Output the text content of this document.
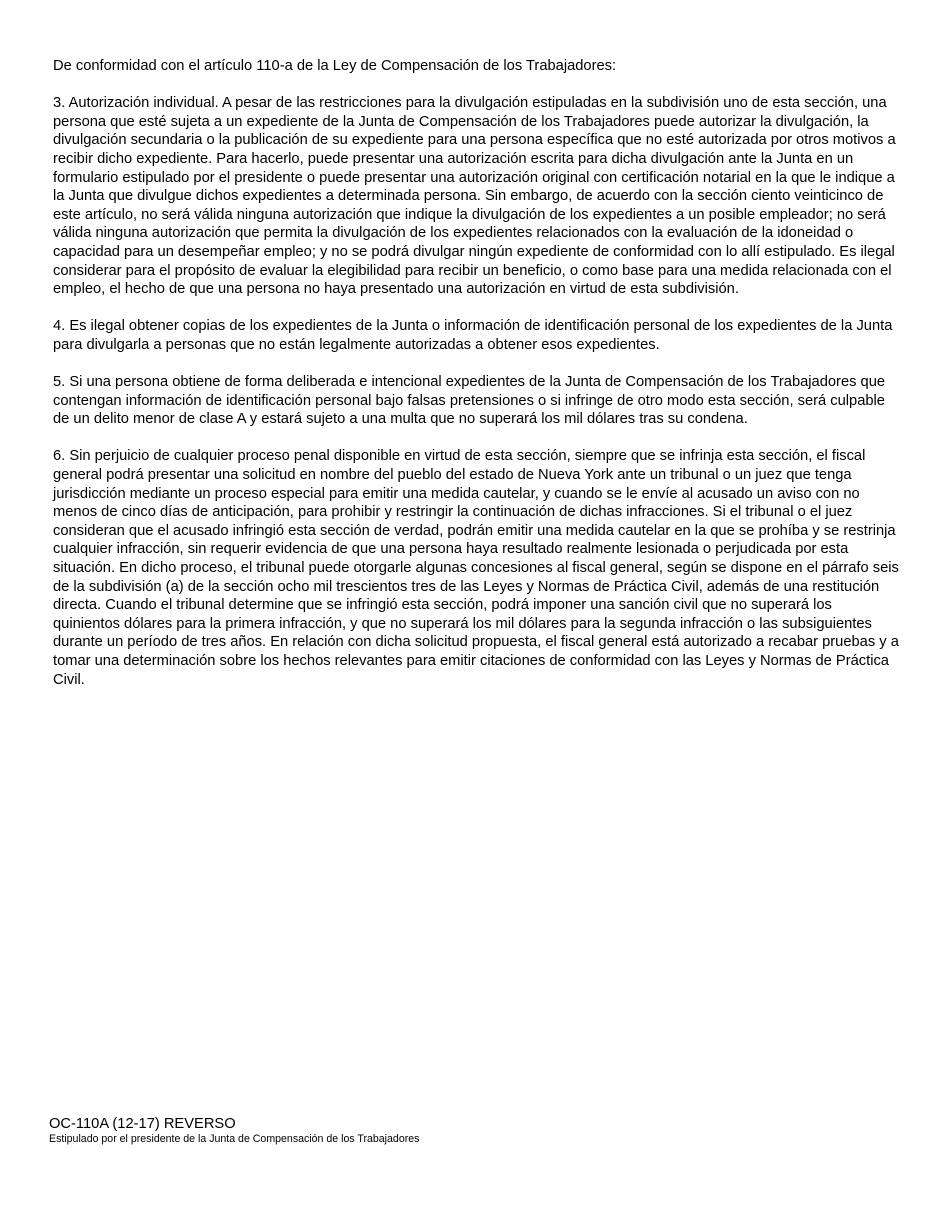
De conformidad con el artículo 110-a de la Ley de Compensación de los Trabajadores:

3. Autorización individual. A pesar de las restricciones para la divulgación estipuladas en la subdivisión uno de esta sección, una persona que esté sujeta a un expediente de la Junta de Compensación de los Trabajadores puede autorizar la divulgación, la divulgación secundaria o la publicación de su expediente para una persona específica que no esté autorizada por otros motivos a recibir dicho expediente. Para hacerlo, puede presentar una autorización escrita para dicha divulgación ante la Junta en un formulario estipulado por el presidente o puede presentar una autorización original con certificación notarial en la que le indique a la Junta que divulgue dichos expedientes a determinada persona. Sin embargo, de acuerdo con la sección ciento veinticinco de este artículo, no será válida ninguna autorización que indique la divulgación de los expedientes a un posible empleador; no será válida ninguna autorización que permita la divulgación de los expedientes relacionados con la evaluación de la idoneidad o capacidad para un desempeñar empleo; y no se podrá divulgar ningún expediente de conformidad con lo allí estipulado. Es ilegal considerar para el propósito de evaluar la elegibilidad para recibir un beneficio, o como base para una medida relacionada con el empleo, el hecho de que una persona no haya presentado una autorización en virtud de esta subdivisión.

4. Es ilegal obtener copias de los expedientes de la Junta o información de identificación personal de los expedientes de la Junta para divulgarla a personas que no están legalmente autorizadas a obtener esos expedientes.

5. Si una persona obtiene de forma deliberada e intencional expedientes de la Junta de Compensación de los Trabajadores que contengan información de identificación personal bajo falsas pretensiones o si infringe de otro modo esta sección, será culpable de un delito menor de clase A y estará sujeto a una multa que no superará los mil dólares tras su condena.

6. Sin perjuicio de cualquier proceso penal disponible en virtud de esta sección, siempre que se infrinja esta sección, el fiscal general podrá presentar una solicitud en nombre del pueblo del estado de Nueva York ante un tribunal o un juez que tenga jurisdicción mediante un proceso especial para emitir una medida cautelar, y cuando se le envíe al acusado un aviso con no menos de cinco días de anticipación, para prohibir y restringir la continuación de dichas infracciones. Si el tribunal o el juez consideran que el acusado infringió esta sección de verdad, podrán emitir una medida cautelar en la que se prohíba y se restrinja cualquier infracción, sin requerir evidencia de que una persona haya resultado realmente lesionada o perjudicada por esta situación. En dicho proceso, el tribunal puede otorgarle algunas concesiones al fiscal general, según se dispone en el párrafo seis de la subdivisión (a) de la sección ocho mil trescientos tres de las Leyes y Normas de Práctica Civil, además de una restitución directa. Cuando el tribunal determine que se infringió esta sección, podrá imponer una sanción civil que no superará los quinientos dólares para la primera infracción, y que no superará los mil dólares para la segunda infracción o las subsiguientes durante un período de tres años. En relación con dicha solicitud propuesta, el fiscal general está autorizado a recabar pruebas y a tomar una determinación sobre los hechos relevantes para emitir citaciones de conformidad con las Leyes y Normas de Práctica Civil.

OC-110A (12-17) REVERSO

Estipulado por el presidente de la Junta de Compensación de los Trabajadores
